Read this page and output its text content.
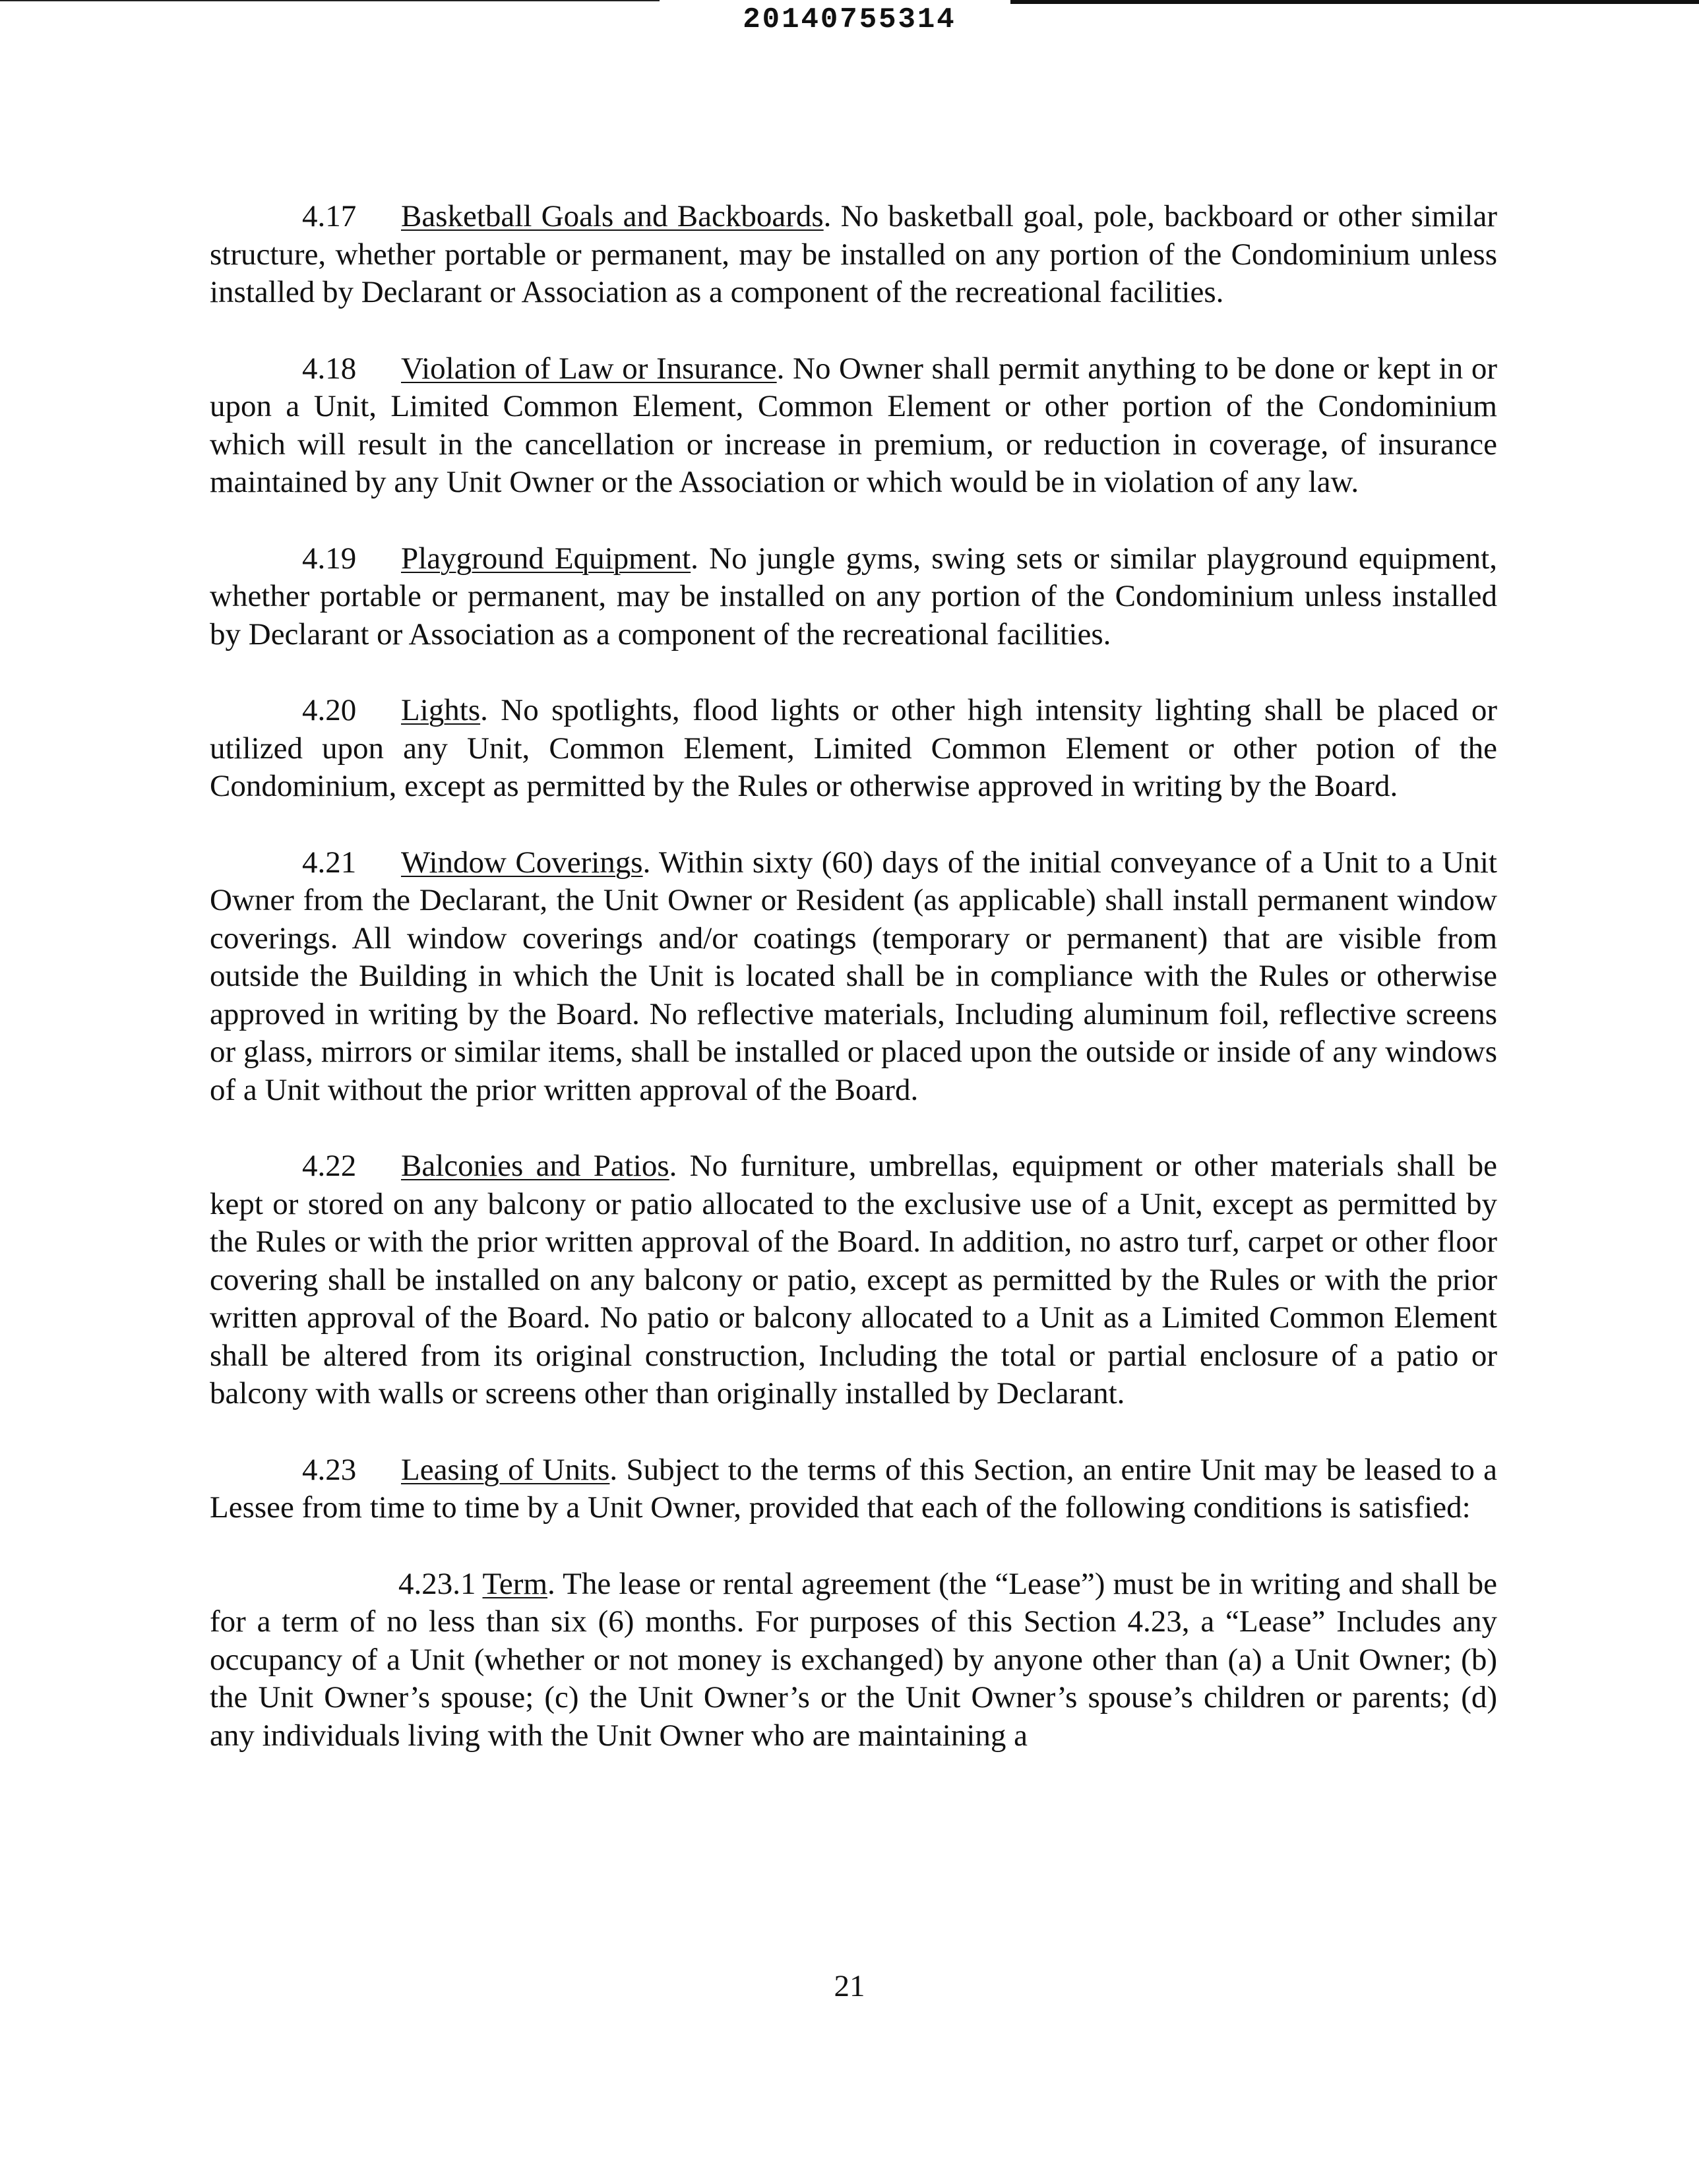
20140755314

4.17 Basketball Goals and Backboards. No basketball goal, pole, backboard or other similar structure, whether portable or permanent, may be installed on any portion of the Condominium unless installed by Declarant or Association as a component of the recreational facilities.

4.18 Violation of Law or Insurance. No Owner shall permit anything to be done or kept in or upon a Unit, Limited Common Element, Common Element or other portion of the Condominium which will result in the cancellation or increase in premium, or reduction in coverage, of insurance maintained by any Unit Owner or the Association or which would be in violation of any law.

4.19 Playground Equipment. No jungle gyms, swing sets or similar playground equipment, whether portable or permanent, may be installed on any portion of the Condominium unless installed by Declarant or Association as a component of the recreational facilities.

4.20 Lights. No spotlights, flood lights or other high intensity lighting shall be placed or utilized upon any Unit, Common Element, Limited Common Element or other potion of the Condominium, except as permitted by the Rules or otherwise approved in writing by the Board.

4.21 Window Coverings. Within sixty (60) days of the initial conveyance of a Unit to a Unit Owner from the Declarant, the Unit Owner or Resident (as applicable) shall install permanent window coverings. All window coverings and/or coatings (temporary or permanent) that are visible from outside the Building in which the Unit is located shall be in compliance with the Rules or otherwise approved in writing by the Board. No reflective materials, Including aluminum foil, reflective screens or glass, mirrors or similar items, shall be installed or placed upon the outside or inside of any windows of a Unit without the prior written approval of the Board.

4.22 Balconies and Patios. No furniture, umbrellas, equipment or other materials shall be kept or stored on any balcony or patio allocated to the exclusive use of a Unit, except as permitted by the Rules or with the prior written approval of the Board. In addition, no astro turf, carpet or other floor covering shall be installed on any balcony or patio, except as permitted by the Rules or with the prior written approval of the Board. No patio or balcony allocated to a Unit as a Limited Common Element shall be altered from its original construction, Including the total or partial enclosure of a patio or balcony with walls or screens other than originally installed by Declarant.

4.23 Leasing of Units. Subject to the terms of this Section, an entire Unit may be leased to a Lessee from time to time by a Unit Owner, provided that each of the following conditions is satisfied:

4.23.1 Term. The lease or rental agreement (the “Lease”) must be in writing and shall be for a term of no less than six (6) months. For purposes of this Section 4.23, a “Lease” Includes any occupancy of a Unit (whether or not money is exchanged) by anyone other than (a) a Unit Owner; (b) the Unit Owner’s spouse; (c) the Unit Owner’s or the Unit Owner’s spouse’s children or parents; (d) any individuals living with the Unit Owner who are maintaining a

21
